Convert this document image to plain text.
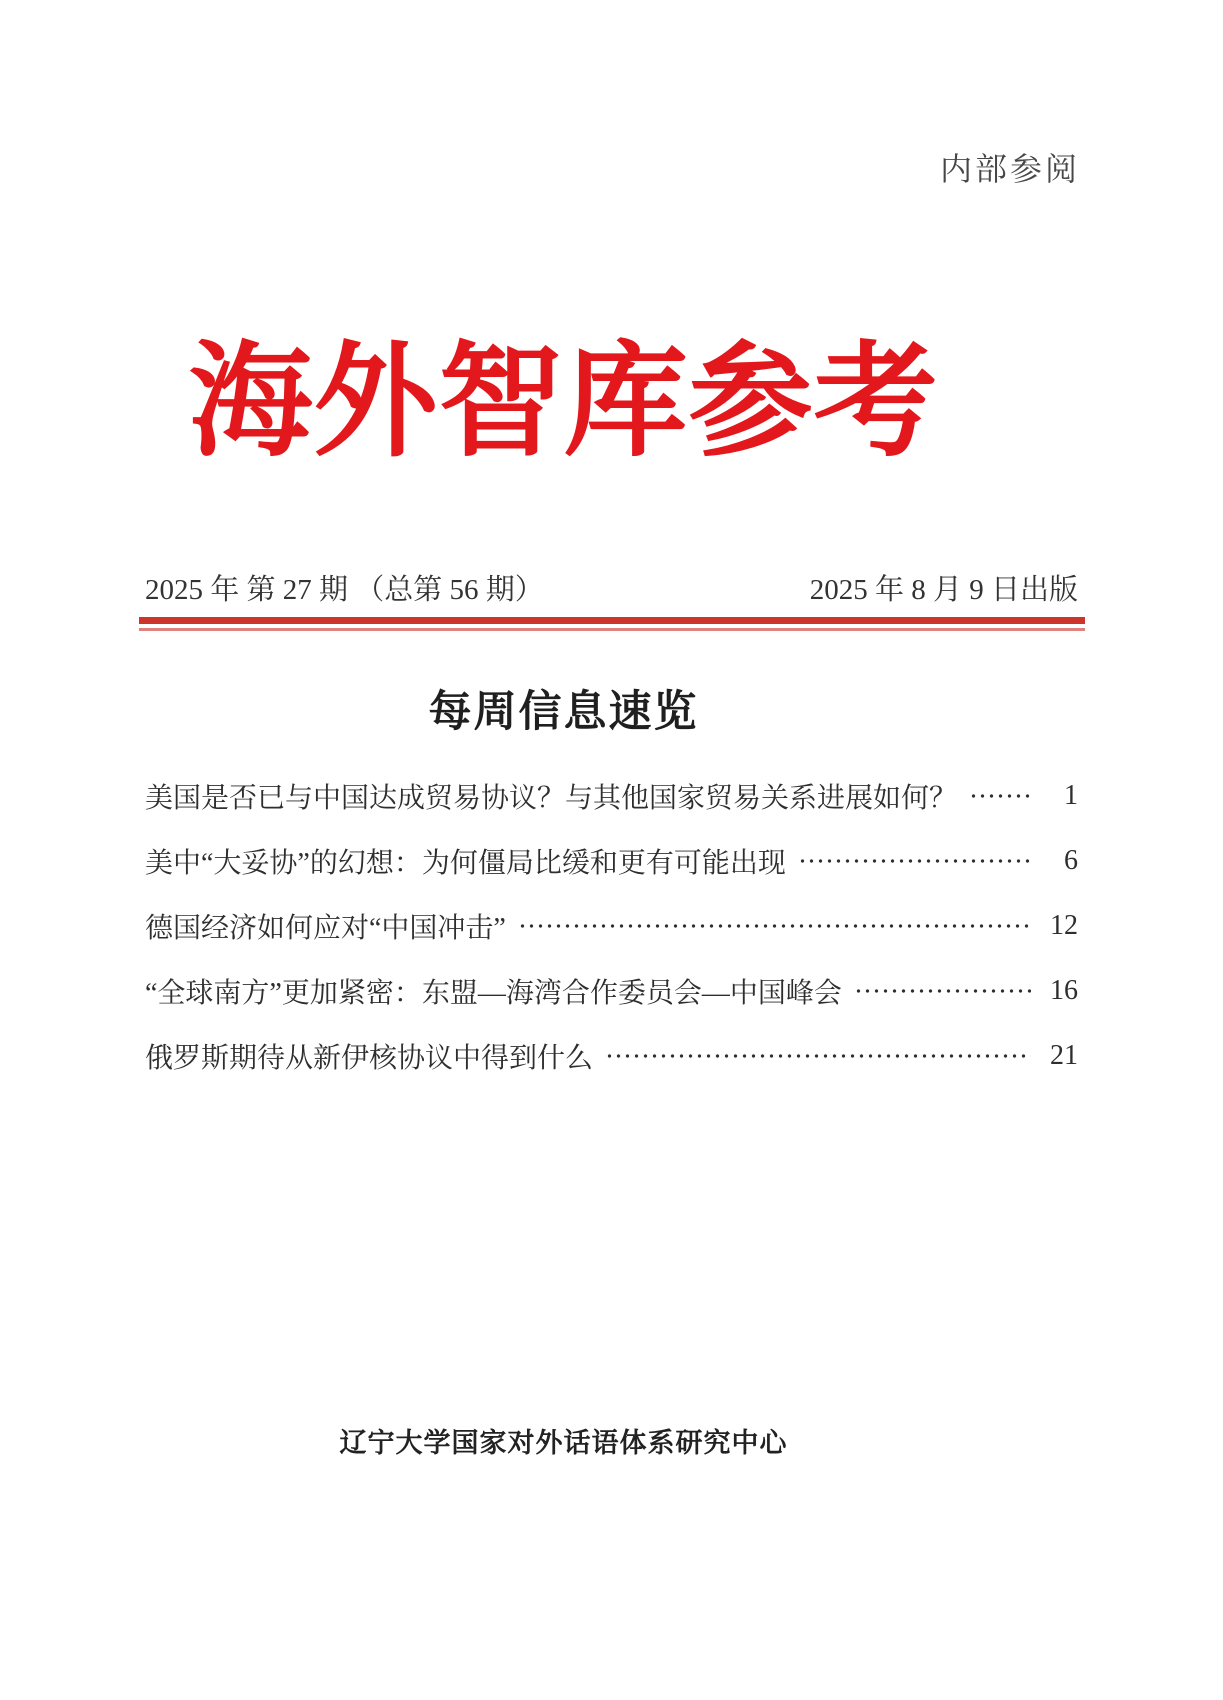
内部参阅
海外智库参考
2025 年 第 27 期 （总第 56 期）	2025 年 8 月 9 日出版
每周信息速览
美国是否已与中国达成贸易协议？与其他国家贸易关系进展如何？	1
美中“大妥协”的幻想：为何僵局比缓和更有可能出现	6
德国经济如何应对“中国冲击”	12
“全球南方”更加紧密：东盟—海湾合作委员会—中国峰会	16
俄罗斯期待从新伊核协议中得到什么	21
辽宁大学国家对外话语体系研究中心
